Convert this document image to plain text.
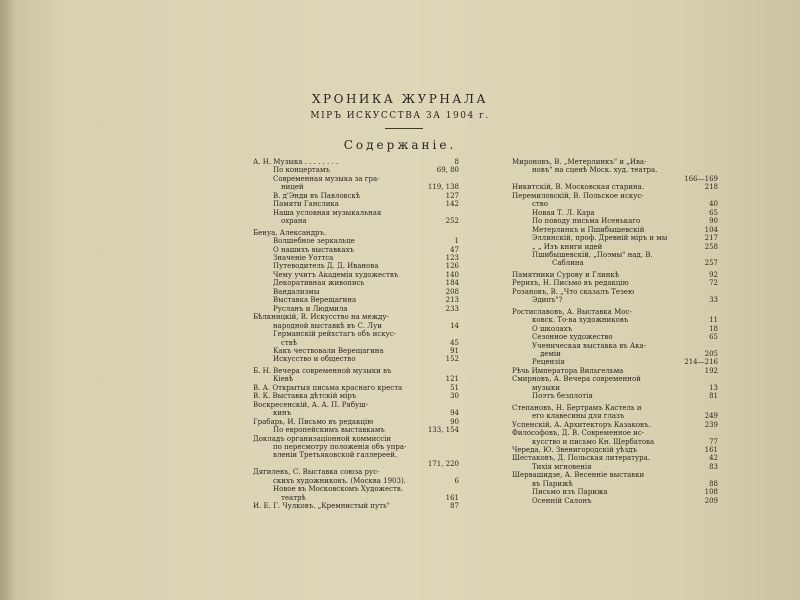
ХРОНИКА ЖУРНАЛА
МІРЪ ИСКУССТВА ЗА 1904 г.
Содержаніе.
А. Н. Музыка . . . . . . . .	8
По концертамъ	69, 80
Современная музыка за гра-
ницей	119, 138
В. д'Энди въ Павловскѣ	127
Памяти Ганслика	142
Наша условная музыкальная
охрана	252
Бенуа, Александръ.
Волшебное зеркальце	1
О нашихъ выставкахъ	47
Значеніе Уоттса	123
Путеводитель Д. Д. Иванова	126
Чему учитъ Академія художествъ	140
Декоративная живопись	184
Вандализмы	208
Выставка Верещагина	213
Русланъ и Людмила	233
Бѣлкницкій, В. Искусство на между-
народной выставкѣ въ С. Луи	14
Германскій рейхстагъ объ искус-
ствѣ	45
Какъ чествовали Верещагина	91
Искусство и общество	152
Б. Н. Вечера современной музыки въ
Кіевѣ	121
В. А. Открытыя письма краснаго креста	51
В. К. Выставка дѣтскій міръ	30
Воскресенскій, А. А. П. Рябуш-
кинъ	94
Грабарь, И. Письмо въ редакцію	90
По европейскимъ выставкамъ	133, 154
Докладъ организаціонной коммиссіи
по пересмотру положенія объ упра-
вленіи Третьяковской галлереей.
171, 220
Дягилевъ, С. Выставка союза рус-
скихъ художниковъ. (Москва 1903).	6
Новое въ Московскомъ Художеств.
театрѣ	161
И. Е. Г. Чулковъ. „Кремнистый путь"	87
Мироновъ, В. „Метерлинкъ" и „Ива-
новъ" на сценѣ Моск. худ. театра.
166—169
Никитскій, В. Московская старина.	218
Перемиловскій, В. Польское искус-
ство	40
Новая Т. Л. Кара	65
По поводу письма Исенькаго	90
Метерлинкъ и Пшибышевскій	104
Эллинскій, проф. Древній міръ и мы	217
„ „ Изъ книги идей	258
Пшибышевскій, „Поэмы" над. В.
Саблина	257
Памятники Сурову и Глинкѣ	92
Рерихъ, Н. Письмо въ редакцію	72
Розановъ, В. „Что сказалъ Тезею
Эдипъ"?	33
Ростиславовъ, А. Выставка Мос-
ковск. То-ва художниковъ	11
О школахъ	18
Сезонное художество	65
Ученическая выставка въ Ака-
деміи	205
Рецензія	214—216
Рѣчь Императора Вильгельма	192
Смирновъ, А. Вечера современной
музыки	13
Поэтъ безплотія	81
Степановъ, Н. Бертрамъ Кастель и
его клавесины для глазъ	249
Успенскій, А. Архитекторъ Казаковъ.	239
Философовъ, Д. В. Современное ис-
кусство и письмо Кн. Щербатова	77
Череда, Ю. Звенигородскій уѣздъ	161
Шестаковъ, Д. Польская литература.	42
Тихія мгновенія	83
Шервашидзе, А. Весенніе выставки
въ Парижѣ	88
Письмо изъ Парижа	108
Осенній Салонъ	209
